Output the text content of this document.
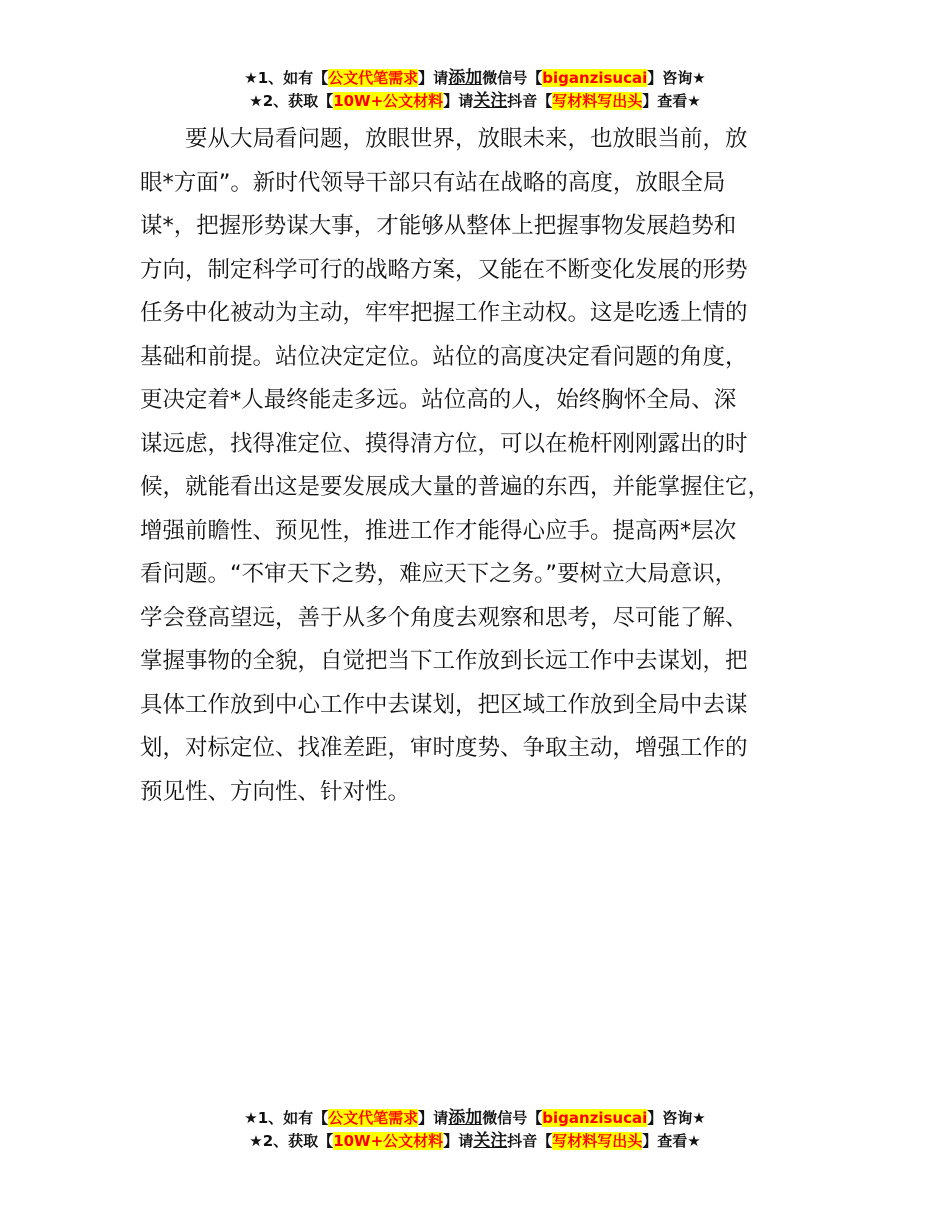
★1、如有【公文代笔需求】请添加微信号【biganzisucai】咨询★
★2、获取【10W+公文材料】请关注抖音【写材料写出头】查看★
　　要从大局看问题，放眼世界，放眼未来，也放眼当前，放
眼*方面”。新时代领导干部只有站在战略的高度，放眼全局
谋*，把握形势谋大事，才能够从整体上把握事物发展趋势和
方向，制定科学可行的战略方案，又能在不断变化发展的形势
任务中化被动为主动，牢牢把握工作主动权。这是吃透上情的
基础和前提。站位决定定位。站位的高度决定看问题的角度，
更决定着*人最终能走多远。站位高的人，始终胸怀全局、深
谋远虑，找得准定位、摸得清方位，可以在桅杆刚刚露出的时
候，就能看出这是要发展成大量的普遍的东西，并能掌握住它，
增强前瞻性、预见性，推进工作才能得心应手。提高两*层次
看问题。“不审天下之势，难应天下之务。”要树立大局意识，
学会登高望远，善于从多个角度去观察和思考，尽可能了解、
掌握事物的全貌，自觉把当下工作放到长远工作中去谋划，把
具体工作放到中心工作中去谋划，把区域工作放到全局中去谋
划，对标定位、找准差距，审时度势、争取主动，增强工作的
预见性、方向性、针对性。
★1、如有【公文代笔需求】请添加微信号【biganzisucai】咨询★
★2、获取【10W+公文材料】请关注抖音【写材料写出头】查看★
